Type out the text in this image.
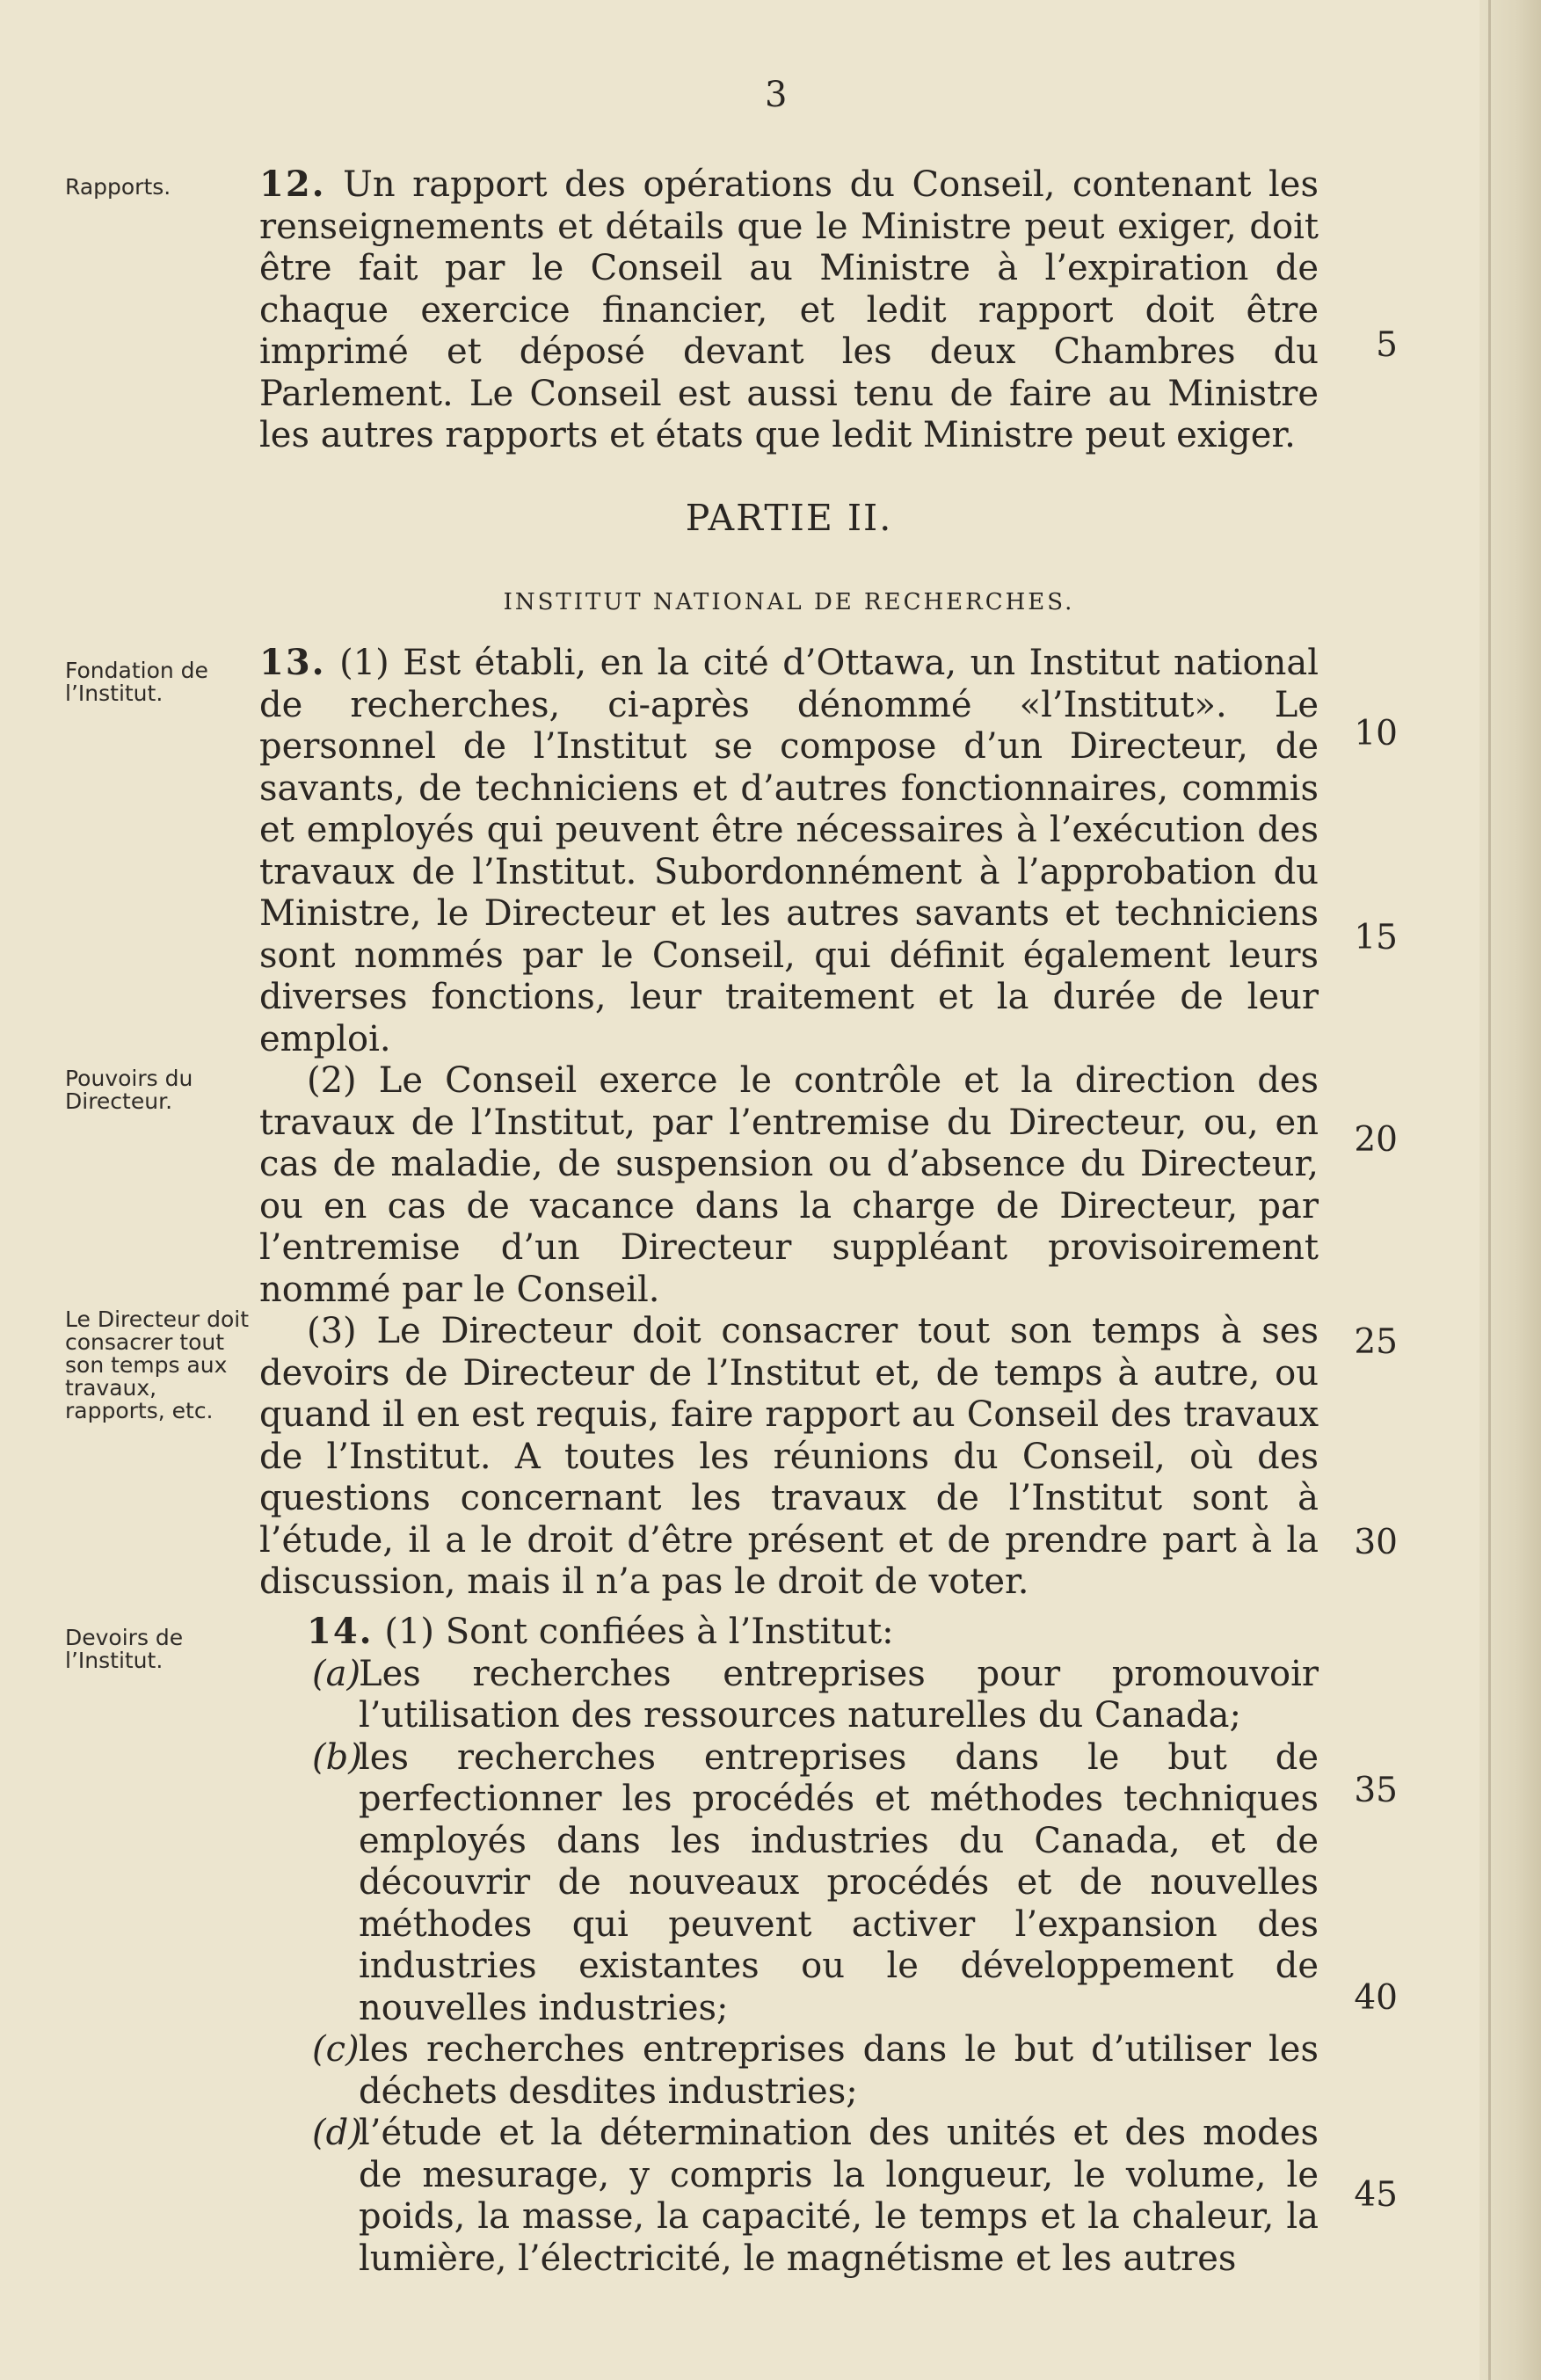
3

Rapports.
Fondation de l’Institut.
Pouvoirs du Directeur.
Le Directeur doit consacrer tout son temps aux travaux, rapports, etc.
Devoirs de l’Institut.

12. Un rapport des opérations du Conseil, contenant les renseignements et détails que le Ministre peut exiger, doit être fait par le Conseil au Ministre à l’expiration de chaque exercice financier, et ledit rapport doit être imprimé et déposé devant les deux Chambres du Parlement. Le Conseil est aussi tenu de faire au Ministre les autres rapports et états que ledit Ministre peut exiger.

PARTIE II.
INSTITUT NATIONAL DE RECHERCHES.

13. (1) Est établi, en la cité d’Ottawa, un Institut national de recherches, ci-après dénommé «l’Institut». Le personnel de l’Institut se compose d’un Directeur, de savants, de techniciens et d’autres fonctionnaires, commis et employés qui peuvent être nécessaires à l’exécution des travaux de l’Institut. Subordonnément à l’approbation du Ministre, le Directeur et les autres savants et techniciens sont nommés par le Conseil, qui définit également leurs diverses fonctions, leur traitement et la durée de leur emploi.

(2) Le Conseil exerce le contrôle et la direction des travaux de l’Institut, par l’entremise du Directeur, ou, en cas de maladie, de suspension ou d’absence du Directeur, ou en cas de vacance dans la charge de Directeur, par l’entremise d’un Directeur suppléant provisoirement nommé par le Conseil.

(3) Le Directeur doit consacrer tout son temps à ses devoirs de Directeur de l’Institut et, de temps à autre, ou quand il en est requis, faire rapport au Conseil des travaux de l’Institut. A toutes les réunions du Conseil, où des questions concernant les travaux de l’Institut sont à l’étude, il a le droit d’être présent et de prendre part à la discussion, mais il n’a pas le droit de voter.

14. (1) Sont confiées à l’Institut:

(a)
Les recherches entreprises pour promouvoir l’utilisation des ressources naturelles du Canada;
(b)
les recherches entreprises dans le but de perfectionner les procédés et méthodes techniques employés dans les industries du Canada, et de découvrir de nouveaux procédés et de nouvelles méthodes qui peuvent activer l’expansion des industries existantes ou le développement de nouvelles industries;
(c) les recherches entreprises dans le but d’utiliser les déchets desdites industries;
(d)
l’étude et la détermination des unités et des modes de mesurage, y compris la longueur, le volume, le poids, la masse, la capacité, le temps et la chaleur, la lumière, l’électricité, le magnétisme et les autres
5
10
15
20
25
30
35
40
45
